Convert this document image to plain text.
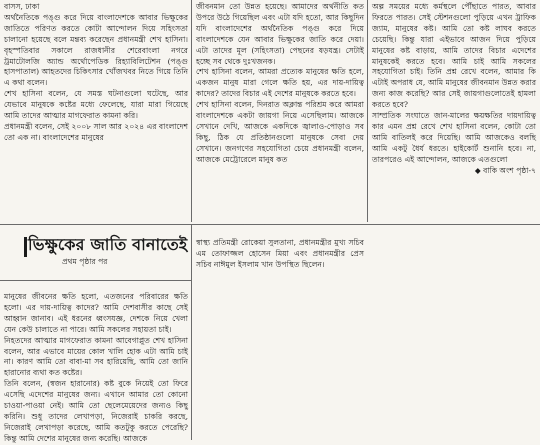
বাসস, ঢাকা

অর্থনৈতিকে পঙ্গু করে দিয়ে বাংলাদেশকে আবার ভিক্ষুকের জাতিতে পরিণত করতে কোটা আন্দোলন দিয়ে সহিংসতা চালানো হয়েছে বলে মন্তব্য করেছেন প্রধানমন্ত্রী শেখ হাসিনা। বৃহস্পতিবার সকালে রাজধানীর শেরেবাংলা নগরে ট্রমাটোলজি অ্যান্ড অর্থোপেডিক রিহ্যাবিলিটেশন (পঙ্গু হাসপাতাল) আহতদের চিকিৎসার খোঁজখবর নিতে গিয়ে তিনি এ কথা বলেন।

শেখ হাসিনা বলেন, যে সমস্ত ঘটনাগুলো ঘটেছে, আর যেভাবে মানুষকে কষ্টের মধ্যে ফেলেছে, যারা মারা গিয়েছে আমি তাদের আত্মার মাগফেরাত কামনা করি।

প্রধানমন্ত্রী বলেন, সেই ২০০৮ সাল আর ২০২৪ এর বাংলাদেশ তো এক না। বাংলাদেশের মানুষের

জীবনমান তো উন্নত হয়েছে। আমাদের অর্থনীতি কত উপরে উঠে গিয়েছিল এবং এটা যদি হতো, আর কিছুদিন যদি বাংলাদেশের অর্থনৈতিক পঙ্গু করে দিয়ে বাংলাদেশকে যেন আবার ভিক্ষুকের জাতি করে দেয়া। এটা তাদের মূল (সহিংসতা) পেছনের ষড়যন্ত্র। সেটাই হচ্ছে সব থেকে দুঃখজনক।

শেখ হাসিনা বলেন, আমরা প্রত্যেক মানুষের ক্ষতি হলে, একজন মানুষ মারা গেলে ক্ষতি হয়, এর দায়-দায়িত্ব কাদের? তাদের বিচার এই দেশের মানুষকে করতে হবে।

শেখ হাসিনা বলেন, দিনরাত অক্লান্ত পরিশ্রম করে আমরা বাংলাদেশকে একটা জায়গা নিয়ে এসেছিলাম। আজকে সেখানে দেখি, আজকে একদিকে জ্বালাও-পোড়াও সব কিছু, ঠিক যে প্রতিষ্ঠানগুলো মানুষকে সেবা দেয় সেখানে। জনগণের সহযোগিতা চেয়ে প্রধানমন্ত্রী বলেন, আজকে মেট্রোরেলে মানুষ কত

অল্প সময়ের মধ্যে কর্মস্থলে পৌঁছাতে পারত, আবার ফিরতে পারত। সেই স্টেশনগুলো পুড়িয়ে এখন ট্রাফিক জ্যাম, মানুষের কষ্ট। আমি তো কষ্ট লাঘব করতে চেয়েছি। কিন্তু যারা এইভাবে আজন দিয়ে পুড়িয়ে মানুষের কষ্ট বাড়ায়, আমি তাদের বিচার এদেশের মানুষকেই করতে হবে। আমি চাই আমি সকলের সহযোগিতা চাই। তিনি প্রশ্ন রেখে বলেন, আমার কি এটাই অপরাধ যে, আমি মানুষের জীবনমান উন্নত করার জন্য কাজ করেছি? আর সেই জায়গাগুলোতেই হামলা করতে হবে?

সাম্প্রতিক সংঘাতে জান-মালের ক্ষয়ক্ষতির দায়দায়িত্ব কার এমন প্রশ্ন রেখে শেখ হাসিনা বলেন, কোটা তো আমি বাতিলই করে দিয়েছি। আমি আজকেও বলছি আমি একটু ধৈর্য ধরতে। হাইকোর্ট শুনানি হবে। না, তারপরেও এই আন্দোলন, আজকে এতগুলো

◆ বাকি অংশ পৃষ্ঠা-৭

ভিক্ষুকের জাতি বানাতেই
প্রথম পৃষ্ঠার পর

মানুষের জীবনের ক্ষতি হলো, এতজনের পরিবারের ক্ষতি হলো। এর দায়-দায়িত্ব কাদের? আমি দেশবাসীর কাছে সেই আহ্বান জানাব। এই ধরনের ধ্বংসযজ্ঞ, দেশকে নিয়ে খেলা যেন কেউ চালাতে না পারে। আমি সকলের সহায়তা চাই।

নিহতদের আত্মার মাগফেরাত কামনা আবেগাপ্লুত শেখ হাসিনা বলেন, আর এভাবে মায়ের কোল খালি হোক এটা আমি চাই না। কারণ আমি তো বাবা-মা সব হারিয়েছি, আমি তো জানি হারানোর ব্যথা কত কষ্টের।

তিনি বলেন, (স্বজন হারানোর) কষ্ট বুকে নিয়েই তো ফিরে এসেছি এদেশের মানুষের জন্য। এখানে আমার তো কোনো চাওয়া-পাওয়া নেই। আমি তো ছেলেমেয়েদের জন্যও কিছু করিনি। শুধু তাদের লেখাপড়া, নিজেরাই চাকরি করছে, নিজেরাই লেখাপড়া করেছে, আমি কতটুকু করতে পেরেছি? কিন্তু আমি দেশের মানুষের জন্য করেছি। আজকে

স্বাস্থ্য প্রতিমন্ত্রী রোকেয়া সুলতানা, প্রধানমন্ত্রীর মুখ্য সচিব এম তোফাজ্জল হোসেন মিয়া এবং প্রধানমন্ত্রীর প্রেস সচিব নাঈমুল ইসলাম খান উপস্থিত ছিলেন।
